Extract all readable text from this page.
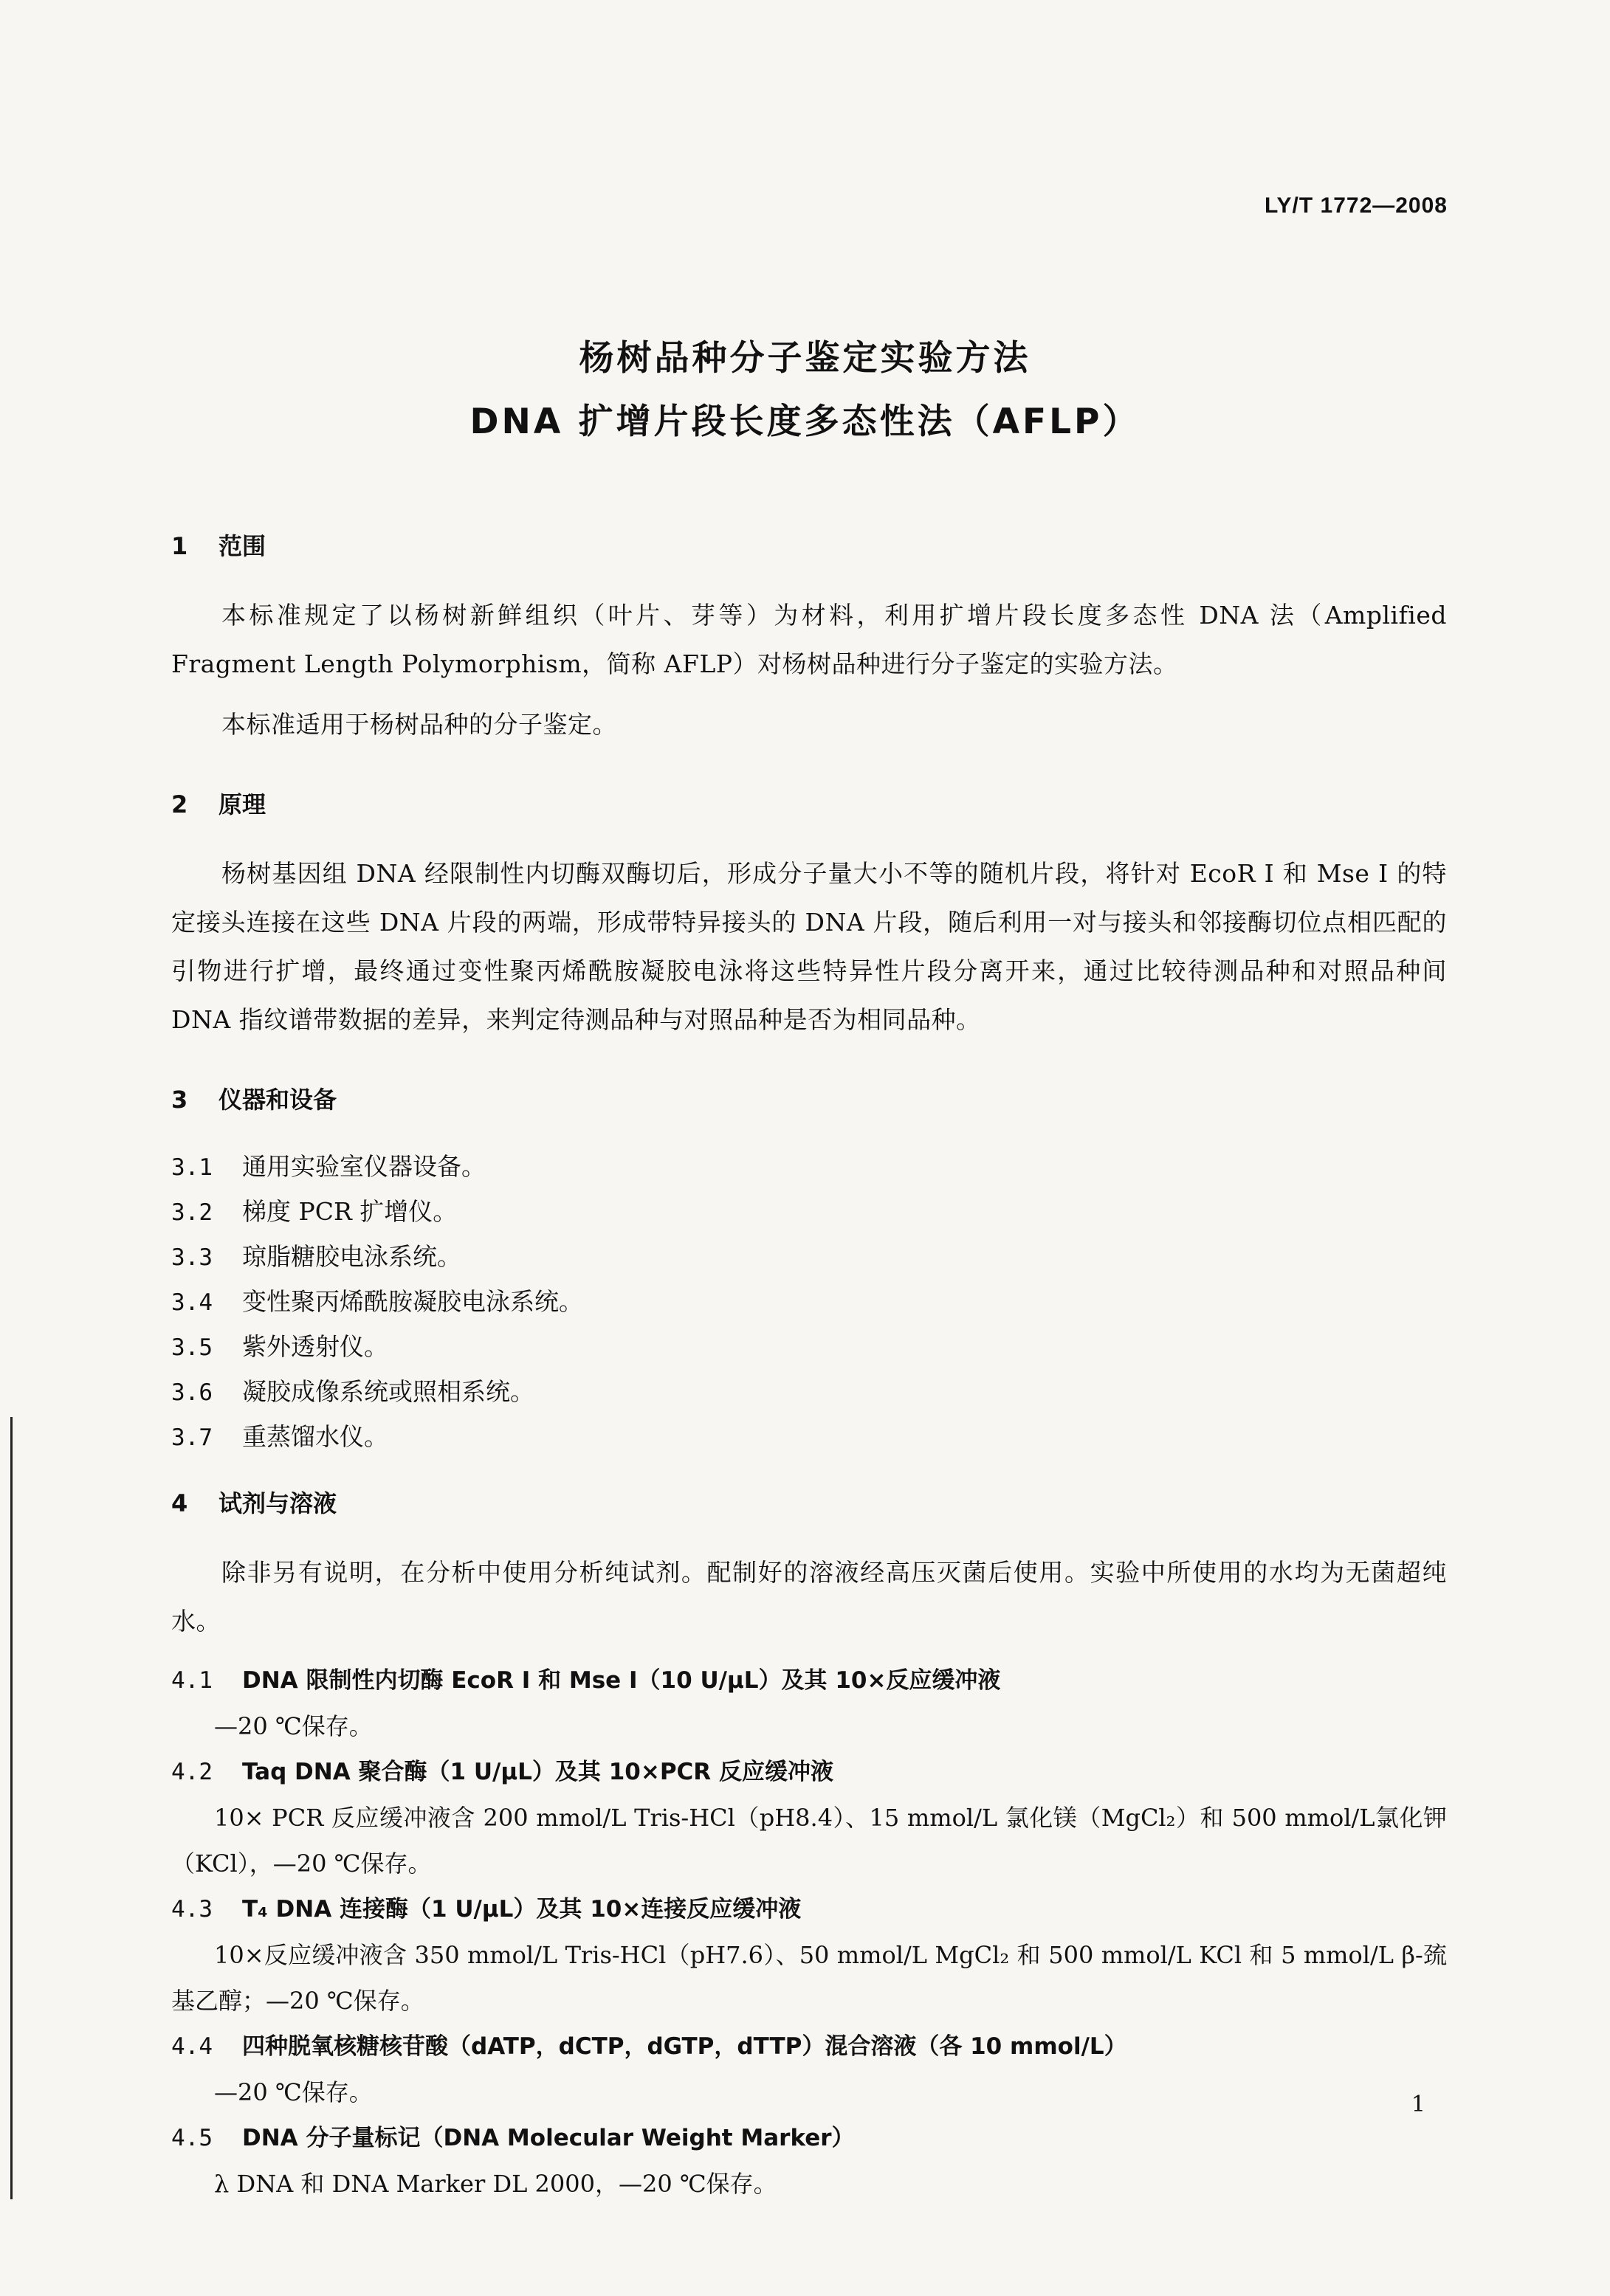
LY/T 1772—2008
杨树品种分子鉴定实验方法
DNA 扩增片段长度多态性法（AFLP）
1 范围

本标准规定了以杨树新鲜组织（叶片、芽等）为材料，利用扩增片段长度多态性 DNA 法（Amplified Fragment Length Polymorphism，简称 AFLP）对杨树品种进行分子鉴定的实验方法。

本标准适用于杨树品种的分子鉴定。

2 原理

杨树基因组 DNA 经限制性内切酶双酶切后，形成分子量大小不等的随机片段，将针对 EcoR I 和 Mse I 的特定接头连接在这些 DNA 片段的两端，形成带特异接头的 DNA 片段，随后利用一对与接头和邻接酶切位点相匹配的引物进行扩增，最终通过变性聚丙烯酰胺凝胶电泳将这些特异性片段分离开来，通过比较待测品种和对照品种间 DNA 指纹谱带数据的差异，来判定待测品种与对照品种是否为相同品种。

3 仪器和设备
3.1 通用实验室仪器设备。
3.2 梯度 PCR 扩增仪。
3.3 琼脂糖胶电泳系统。
3.4 变性聚丙烯酰胺凝胶电泳系统。
3.5 紫外透射仪。
3.6 凝胶成像系统或照相系统。
3.7 重蒸馏水仪。
4 试剂与溶液

除非另有说明，在分析中使用分析纯试剂。配制好的溶液经高压灭菌后使用。实验中所使用的水均为无菌超纯水。

4.1 DNA 限制性内切酶 EcoR I 和 Mse I（10 U/μL）及其 10×反应缓冲液
—20 ℃保存。
4.2 Taq DNA 聚合酶（1 U/μL）及其 10×PCR 反应缓冲液
10× PCR 反应缓冲液含 200 mmol/L Tris-HCl（pH8.4）、15 mmol/L 氯化镁（MgCl₂）和 500 mmol/L氯化钾（KCl），—20 ℃保存。
4.3 T₄ DNA 连接酶（1 U/μL）及其 10×连接反应缓冲液
10×反应缓冲液含 350 mmol/L Tris-HCl（pH7.6）、50 mmol/L MgCl₂ 和 500 mmol/L KCl 和 5 mmol/L β-巯基乙醇；—20 ℃保存。
4.4 四种脱氧核糖核苷酸（dATP，dCTP，dGTP，dTTP）混合溶液（各 10 mmol/L）
—20 ℃保存。
4.5 DNA 分子量标记（DNA Molecular Weight Marker）
λ DNA 和 DNA Marker DL 2000，—20 ℃保存。
1
